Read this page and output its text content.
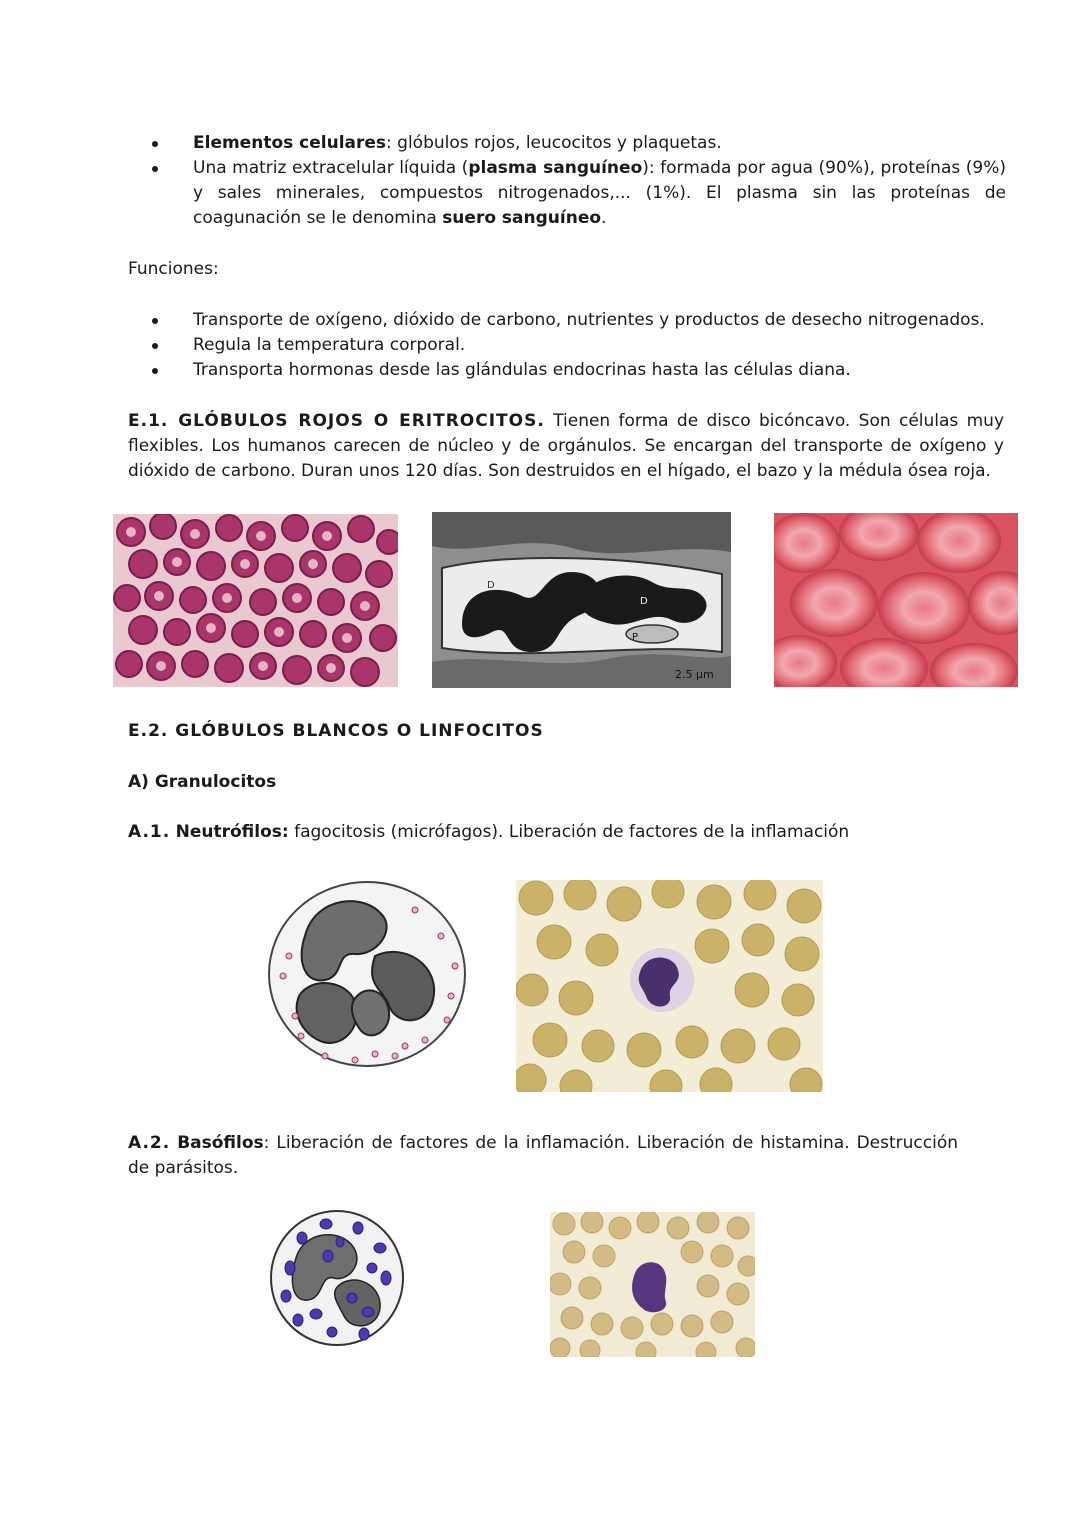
Elementos celulares: glóbulos rojos, leucocitos y plaquetas.
Una matriz extracelular líquida (plasma sanguíneo): formada por agua (90%), proteínas (9%) y sales minerales, compuestos nitrogenados,... (1%). El plasma sin las proteínas de coagunación se le denomina suero sanguíneo.
Funciones:
Transporte de oxígeno, dióxido de carbono, nutrientes y productos de desecho nitrogenados.
Regula la temperatura corporal.
Transporta hormonas desde las glándulas endocrinas hasta las células diana.
E.1. GLÓBULOS ROJOS O ERITROCITOS. Tienen forma de disco bicóncavo. Son células muy flexibles. Los humanos carecen de núcleo y de orgánulos. Se encargan del transporte de oxígeno y dióxido de carbono. Duran unos 120 días. Son destruidos en el hígado, el bazo y la médula ósea roja.
D
D
P
2.5 μm
E.2. GLÓBULOS BLANCOS O LINFOCITOS
A) Granulocitos
A.1. Neutrófilos: fagocitosis (micrófagos). Liberación de factores de la inflamación
A.2. Basófilos: Liberación de factores de la inflamación. Liberación de histamina. Destrucción de parásitos.
